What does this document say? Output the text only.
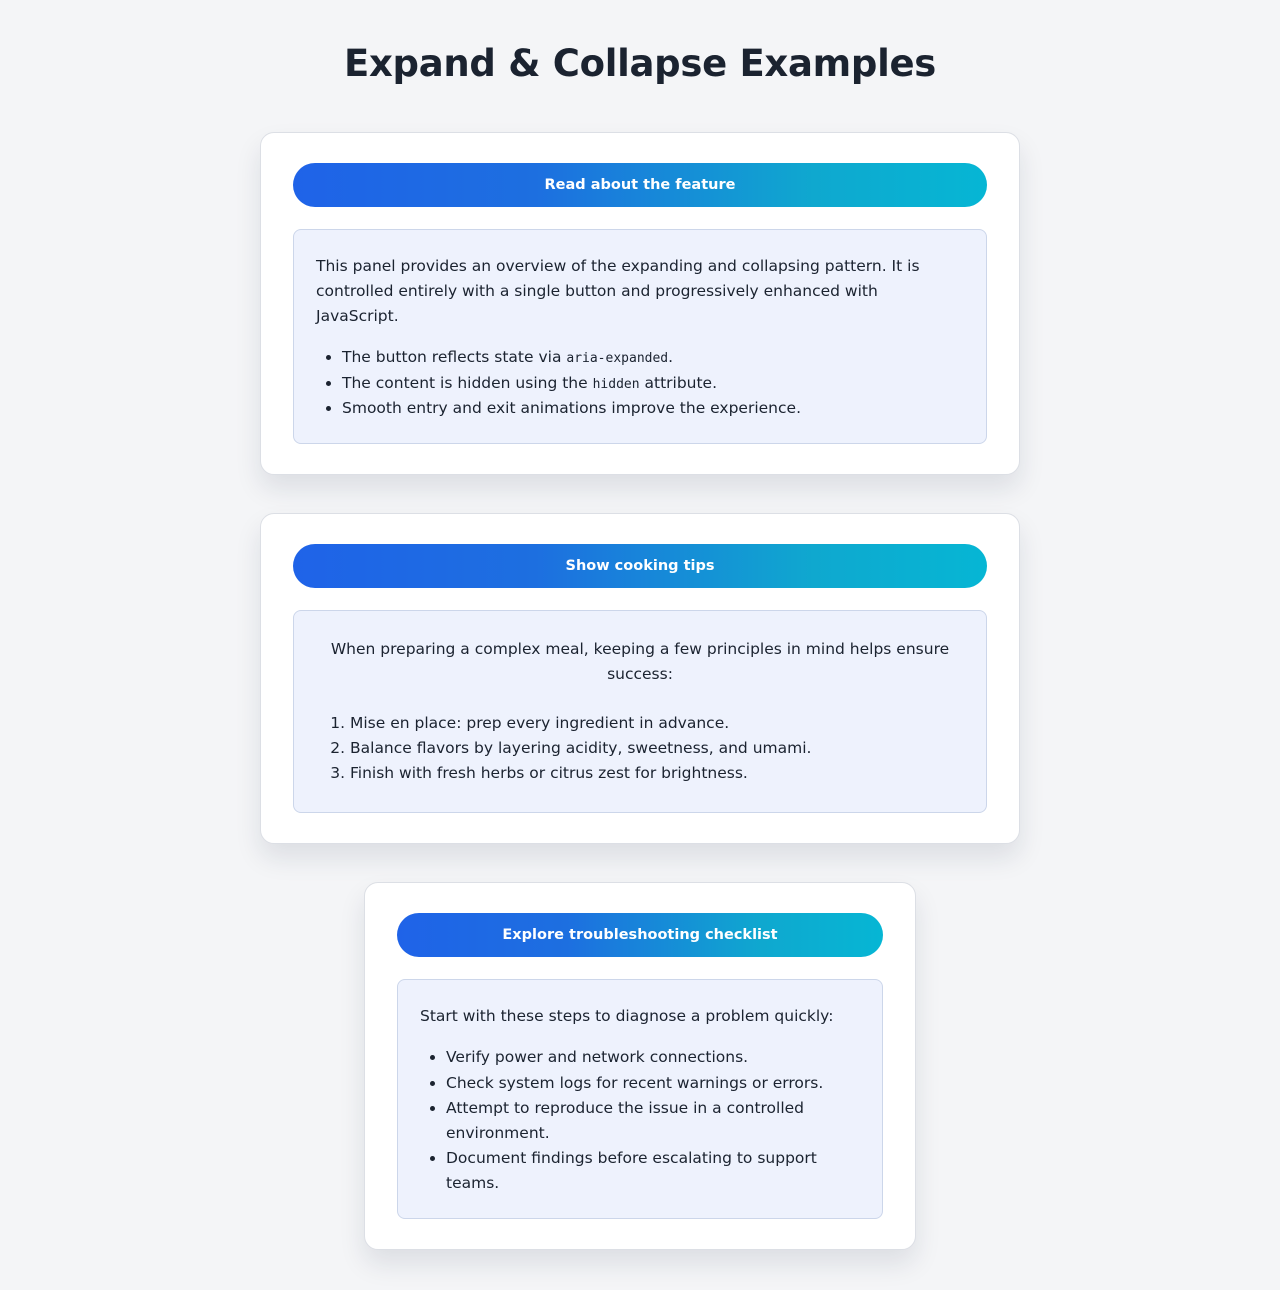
Expand & Collapse Examples
Read about the feature

This panel provides an overview of the expanding and collapsing pattern. It is controlled entirely with a single button and progressively enhanced with JavaScript.

• The button reflects state via aria-expanded.
• The content is hidden using the hidden attribute.
• Smooth entry and exit animations improve the experience.
Show cooking tips

When preparing a complex meal, keeping a few principles in mind helps ensure success:

1. Mise en place: prep every ingredient in advance.
2. Balance flavors by layering acidity, sweetness, and umami.
3. Finish with fresh herbs or citrus zest for brightness.
Explore troubleshooting checklist

Start with these steps to diagnose a problem quickly:

• Verify power and network connections.
• Check system logs for recent warnings or errors.
• Attempt to reproduce the issue in a controlled environment.
• Document findings before escalating to support teams.
